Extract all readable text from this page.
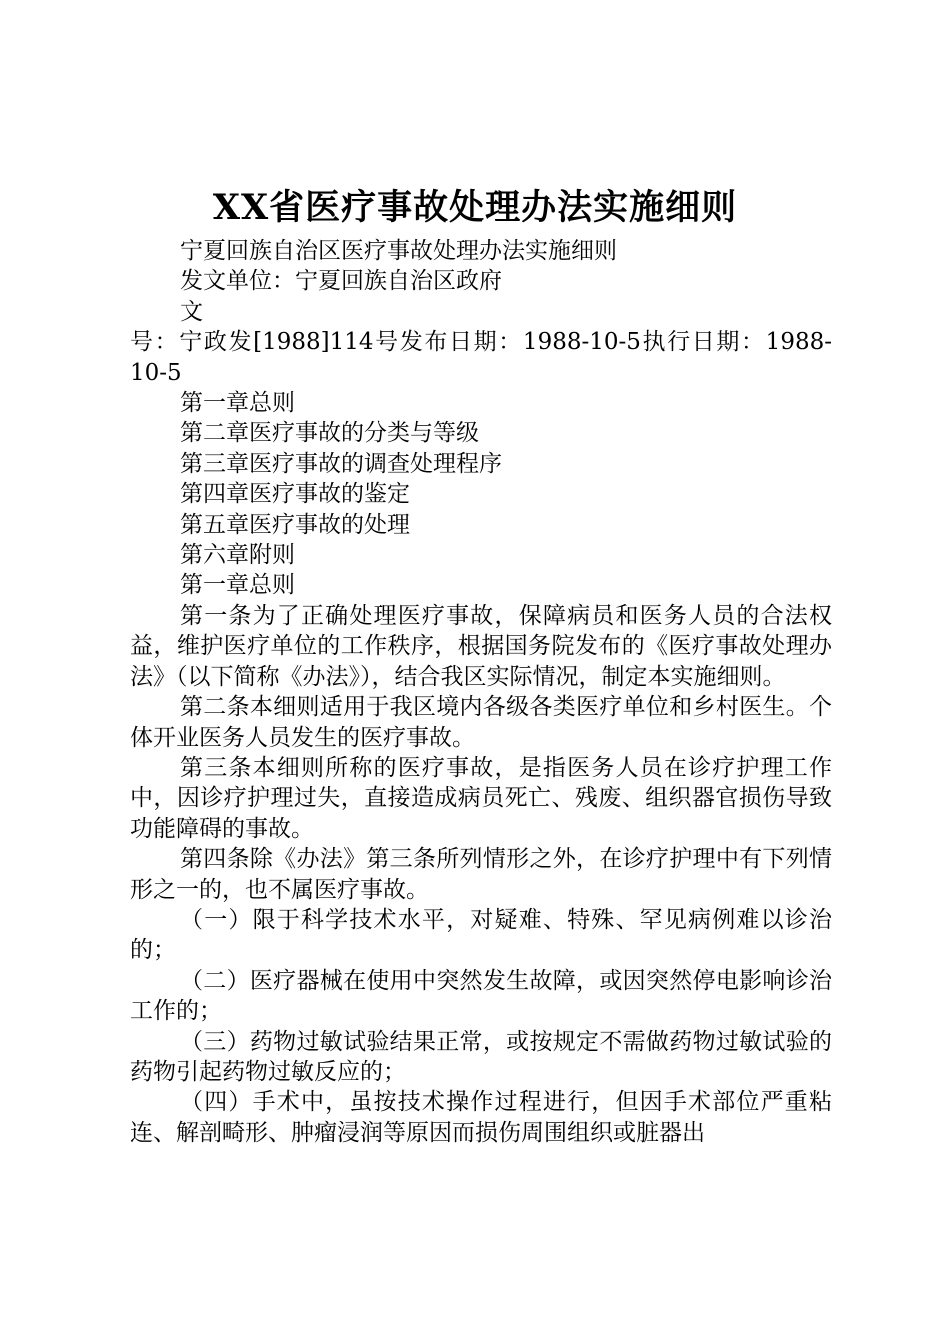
XX省医疗事故处理办法实施细则

宁夏回族自治区医疗事故处理办法实施细则

发文单位：宁夏回族自治区政府

文

号：宁政发[1988]114号发布日期：1988-10-5执行日期：1988-10-5

第一章总则

第二章医疗事故的分类与等级

第三章医疗事故的调查处理程序

第四章医疗事故的鉴定

第五章医疗事故的处理

第六章附则

第一章总则

第一条为了正确处理医疗事故，保障病员和医务人员的合法权益，维护医疗单位的工作秩序，根据国务院发布的《医疗事故处理办法》（以下简称《办法》），结合我区实际情况，制定本实施细则。

第二条本细则适用于我区境内各级各类医疗单位和乡村医生。个体开业医务人员发生的医疗事故。

第三条本细则所称的医疗事故，是指医务人员在诊疗护理工作中，因诊疗护理过失，直接造成病员死亡、残废、组织器官损伤导致功能障碍的事故。

第四条除《办法》第三条所列情形之外，在诊疗护理中有下列情形之一的，也不属医疗事故。

（一）限于科学技术水平，对疑难、特殊、罕见病例难以诊治的；

（二）医疗器械在使用中突然发生故障，或因突然停电影响诊治工作的；

（三）药物过敏试验结果正常，或按规定不需做药物过敏试验的药物引起药物过敏反应的；

（四）手术中，虽按技术操作过程进行，但因手术部位严重粘连、解剖畸形、肿瘤浸润等原因而损伤周围组织或脏器出
